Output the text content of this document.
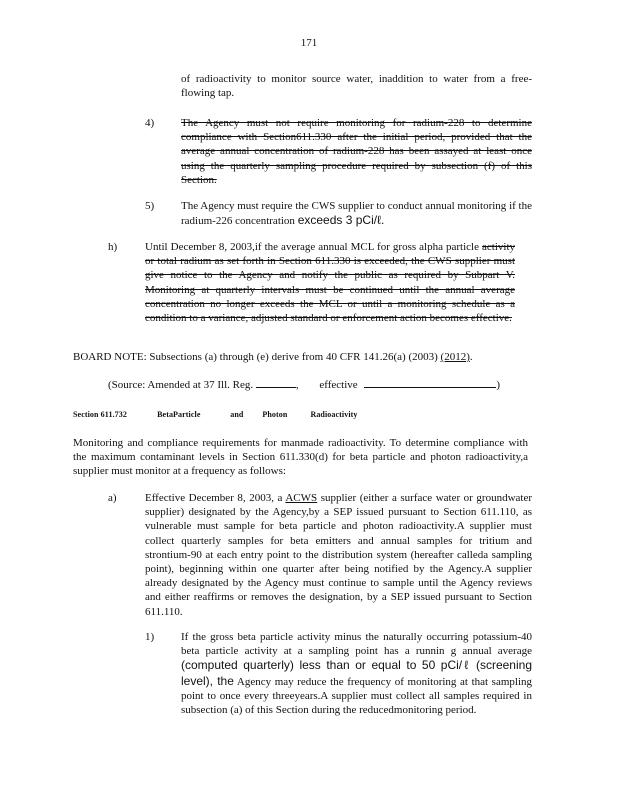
171
of radioactivity to monitor source water, inaddition to water from a free-flowing tap.
4) The Agency must not require monitoring for radium-228 to determine compliance with Section611.330 after the initial period, provided that the average annual concentration of radium-228 has been assayed at least once using the quarterly sampling procedure required by subsection (f) of this Section.
5) The Agency must require the CWS supplier to conduct annual monitoring if the radium-226 concentration exceeds 3 pCi/ℓ.
h)	Until December 8, 2003,if the average annual MCL for gross alpha particle activity or total radium as set forth in Section 611.330 is exceeded, the CWS supplier must give notice to the Agency and notify the public as required by Subpart V. Monitoring at quarterly intervals must be continued until the annual average concentration no longer exceeds the MCL or until a monitoring schedule as a condition to a variance, adjusted standard or enforcement action becomes effective.
BOARD NOTE: Subsections (a) through (e) derive from 40 CFR 141.26(a) (2003) (2012).
(Source: Amended at 37 Ill. Reg.	, effective	)
Section 611.732	BetaParticle	and Photon	Radioactivity
Monitoring and compliance requirements for manmade radioactivity. To determine compliance with the maximum contaminant levels in Section 611.330(d) for beta particle and photon radioactivity,a supplier must monitor at a frequency as follows:
a)	Effective December 8, 2003, a ACWS supplier (either a surface water or groundwater supplier) designated by the Agency,by a SEP issued pursuant to Section 611.110, as vulnerable must sample for beta particle and photon radioactivity.A supplier must collect quarterly samples for beta emitters and annual samples for tritium and strontium-90 at each entry point to the distribution system (hereafter calleda sampling point), beginning within one quarter after being notified by the Agency.A supplier already designated by the Agency must continue to sample until the Agency reviews and either reaffirms or removes the designation, by a SEP issued pursuant to Section 611.110.
1) If the gross beta particle activity minus the naturally occurring potassium-40 beta particle activity at a sampling point has a runnin g annual average (computed quarterly) less than or equal to 50 pCi/ℓ (screening level), the Agency may reduce the frequency of monitoring at that sampling point to once every threeyears.A supplier must collect all samples required in subsection (a) of this Section during the reducedmonitoring period.
